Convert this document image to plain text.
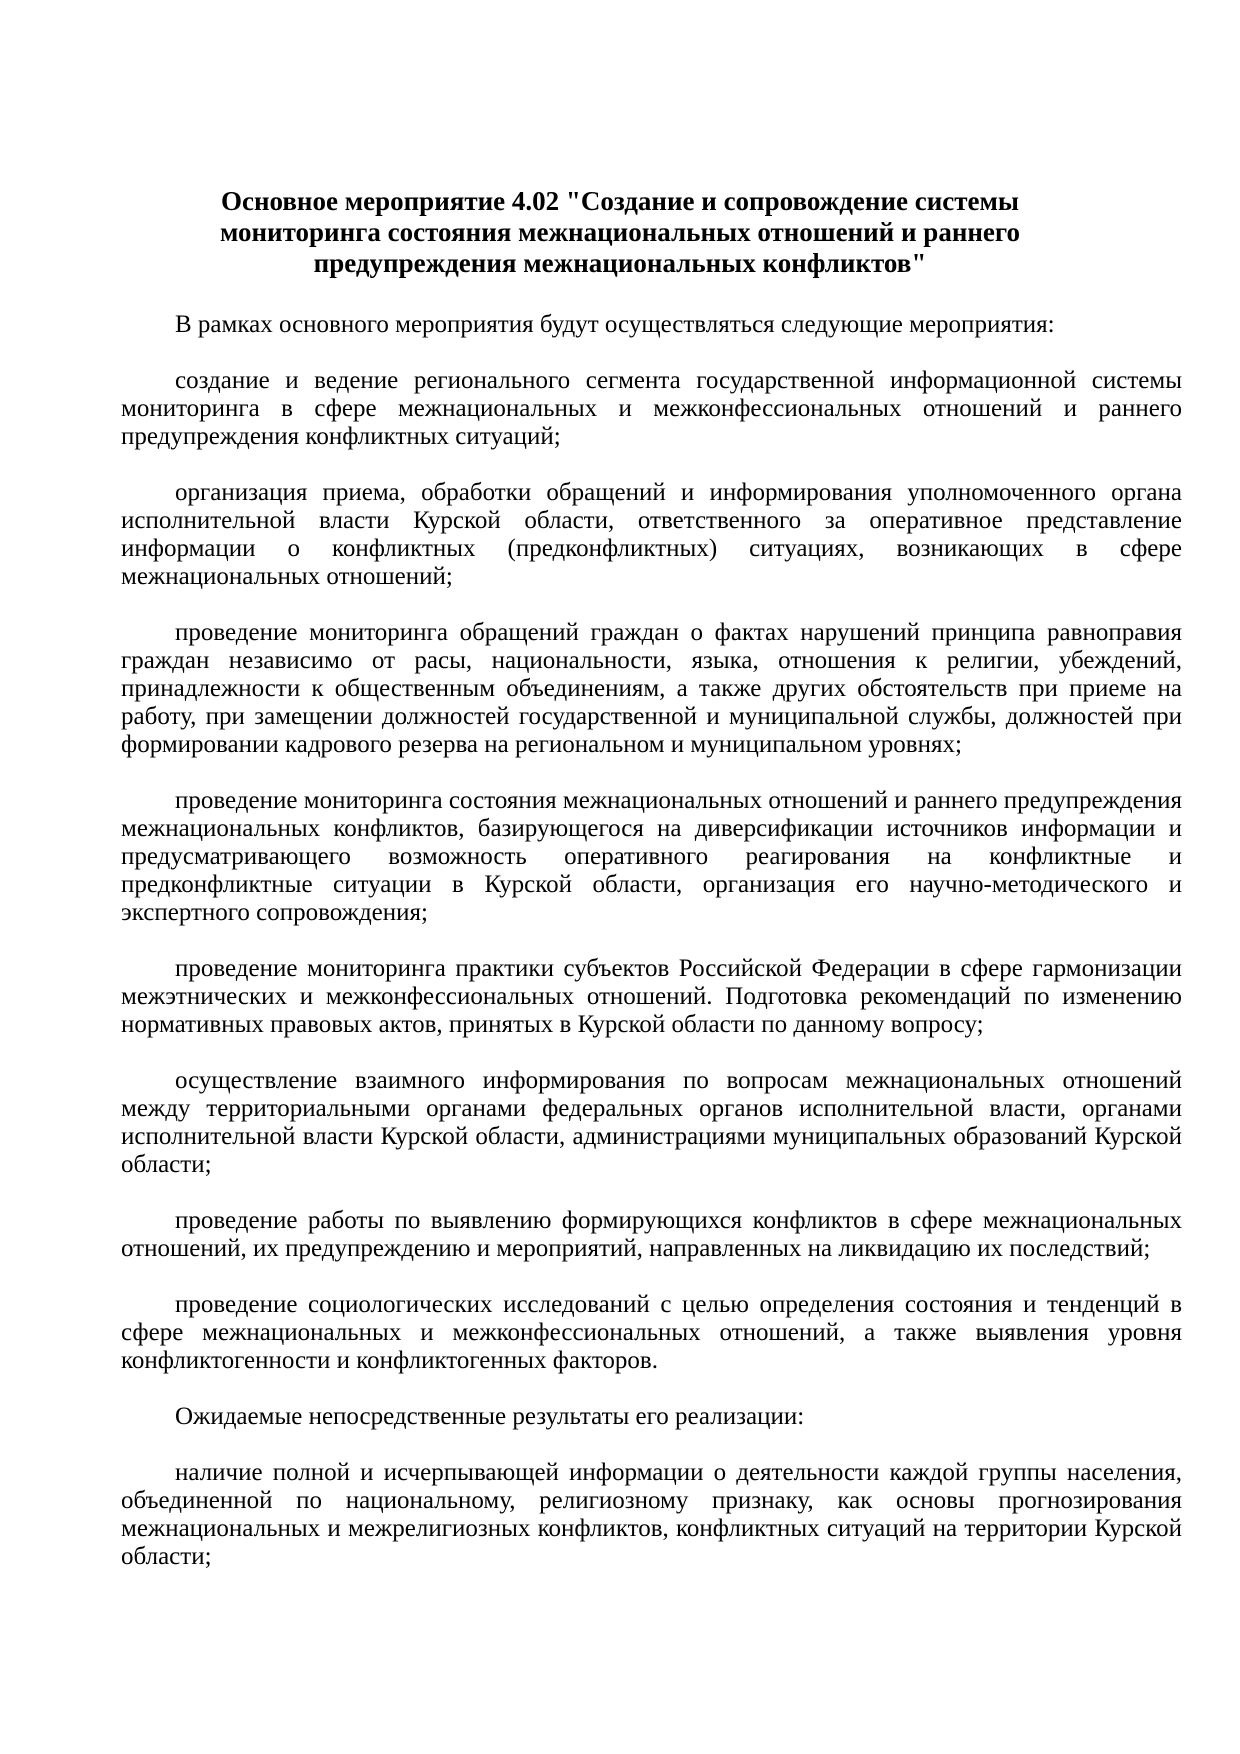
Основное мероприятие 4.02 "Создание и сопровождение системы мониторинга состояния межнациональных отношений и раннего предупреждения межнациональных конфликтов"

В рамках основного мероприятия будут осуществляться следующие мероприятия:

создание и ведение регионального сегмента государственной информационной системы мониторинга в сфере межнациональных и межконфессиональных отношений и раннего предупреждения конфликтных ситуаций;

организация приема, обработки обращений и информирования уполномоченного органа исполнительной власти Курской области, ответственного за оперативное представление информации о конфликтных (предконфликтных) ситуациях, возникающих в сфере межнациональных отношений;

проведение мониторинга обращений граждан о фактах нарушений принципа равноправия граждан независимо от расы, национальности, языка, отношения к религии, убеждений, принадлежности к общественным объединениям, а также других обстоятельств при приеме на работу, при замещении должностей государственной и муниципальной службы, должностей при формировании кадрового резерва на региональном и муниципальном уровнях;

проведение мониторинга состояния межнациональных отношений и раннего предупреждения межнациональных конфликтов, базирующегося на диверсификации источников информации и предусматривающего возможность оперативного реагирования на конфликтные и предконфликтные ситуации в Курской области, организация его научно-методического и экспертного сопровождения;

проведение мониторинга практики субъектов Российской Федерации в сфере гармонизации межэтнических и межконфессиональных отношений. Подготовка рекомендаций по изменению нормативных правовых актов, принятых в Курской области по данному вопросу;

осуществление взаимного информирования по вопросам межнациональных отношений между территориальными органами федеральных органов исполнительной власти, органами исполнительной власти Курской области, администрациями муниципальных образований Курской области;

проведение работы по выявлению формирующихся конфликтов в сфере межнациональных отношений, их предупреждению и мероприятий, направленных на ликвидацию их последствий;

проведение социологических исследований с целью определения состояния и тенденций в сфере межнациональных и межконфессиональных отношений, а также выявления уровня конфликтогенности и конфликтогенных факторов.

Ожидаемые непосредственные результаты его реализации:

наличие полной и исчерпывающей информации о деятельности каждой группы населения, объединенной по национальному, религиозному признаку, как основы прогнозирования межнациональных и межрелигиозных конфликтов, конфликтных ситуаций на территории Курской области;
